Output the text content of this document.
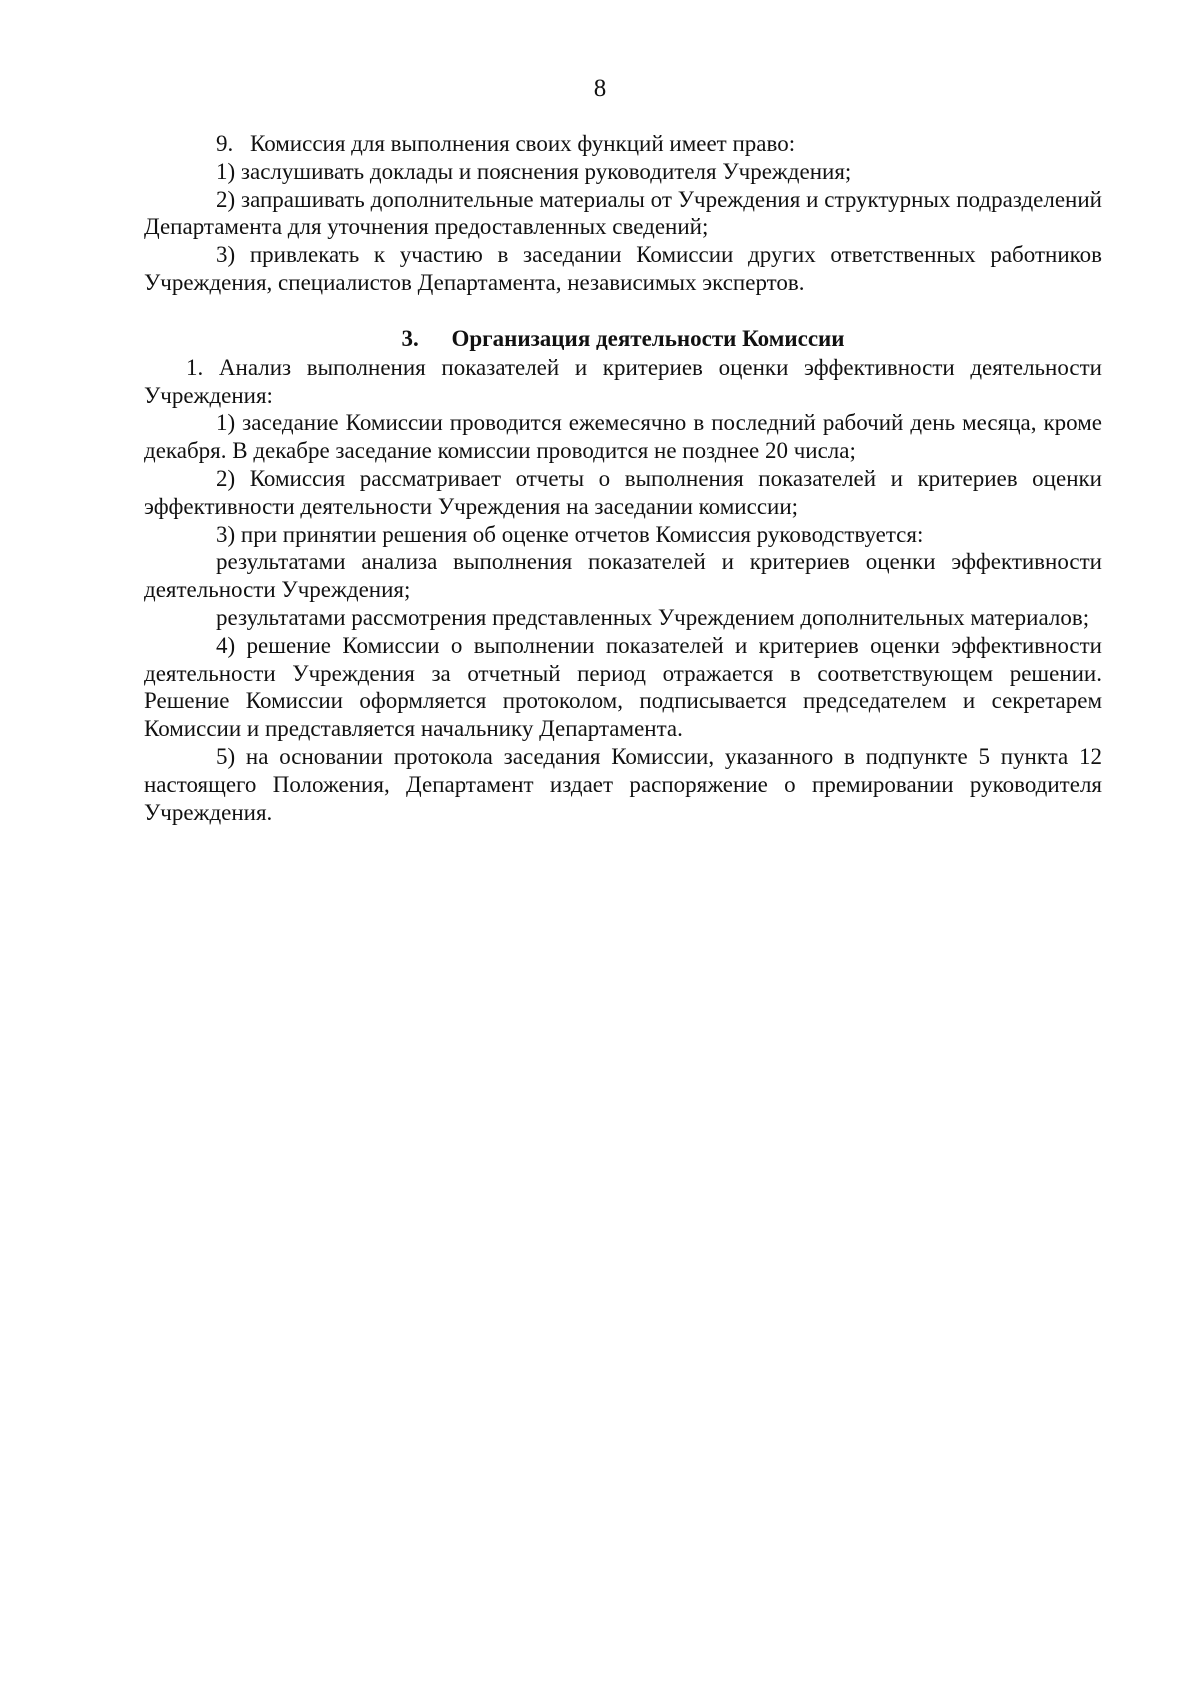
8

9. Комиссия для выполнения своих функций имеет право:

1) заслушивать доклады и пояснения руководителя Учреждения;

2) запрашивать дополнительные материалы от Учреждения и структурных подразделений Департамента для уточнения предоставленных сведений;

3) привлекать к участию в заседании Комиссии других ответственных работников Учреждения, специалистов Департамента, независимых экспертов.

3. Организация деятельности Комиссии

1. Анализ выполнения показателей и критериев оценки эффективности деятельности Учреждения:

1) заседание Комиссии проводится ежемесячно в последний рабочий день месяца, кроме декабря. В декабре заседание комиссии проводится не позднее 20 числа;

2) Комиссия рассматривает отчеты о выполнения показателей и критериев оценки эффективности деятельности Учреждения на заседании комиссии;

3) при принятии решения об оценке отчетов Комиссия руководствуется:

результатами анализа выполнения показателей и критериев оценки эффективности деятельности Учреждения;

результатами рассмотрения представленных Учреждением дополнительных материалов;

4) решение Комиссии о выполнении показателей и критериев оценки эффективности деятельности Учреждения за отчетный период отражается в соответствующем решении. Решение Комиссии оформляется протоколом, подписывается председателем и секретарем Комиссии и представляется начальнику Департамента.

5) на основании протокола заседания Комиссии, указанного в подпункте 5 пункта 12 настоящего Положения, Департамент издает распоряжение о премировании руководителя Учреждения.
